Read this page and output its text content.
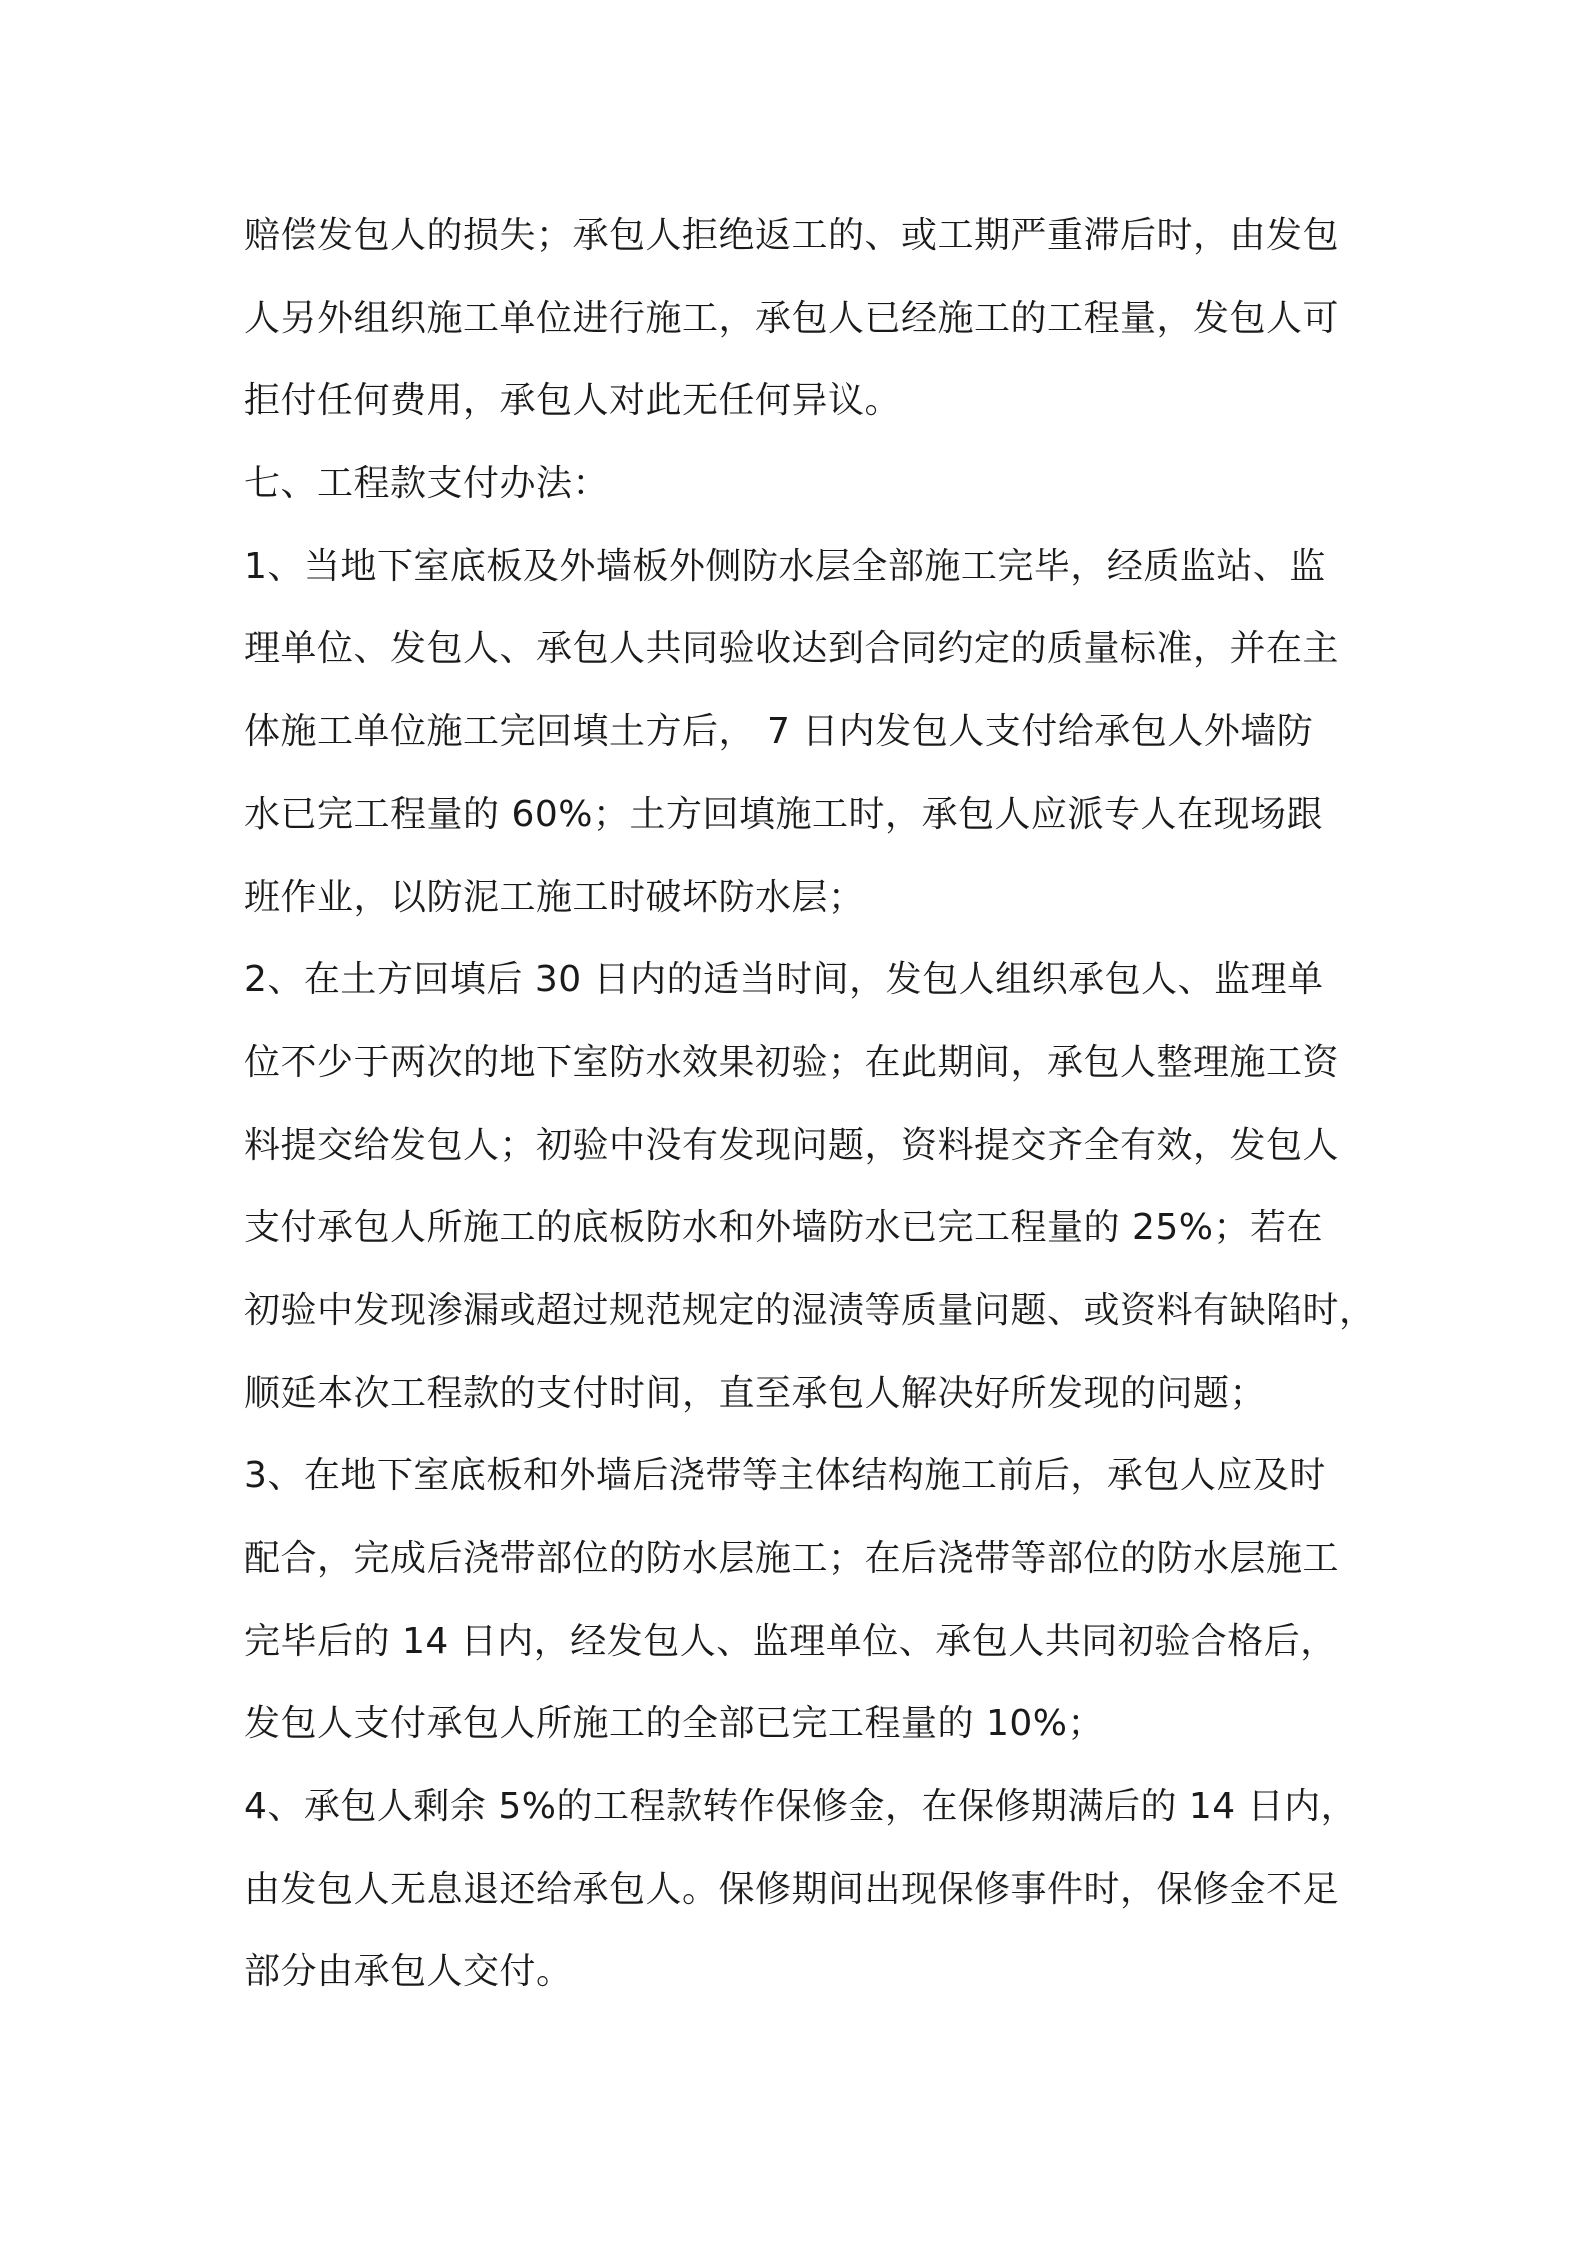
赔偿发包人的损失；承包人拒绝返工的、或工期严重滞后时，由发包
人另外组织施工单位进行施工，承包人已经施工的工程量，发包人可
拒付任何费用，承包人对此无任何异议。
七、工程款支付办法：
1、当地下室底板及外墙板外侧防水层全部施工完毕，经质监站、监
理单位、发包人、承包人共同验收达到合同约定的质量标准，并在主
体施工单位施工完回填土方后， 7 日内发包人支付给承包人外墙防
水已完工程量的 60%；土方回填施工时，承包人应派专人在现场跟
班作业，以防泥工施工时破坏防水层；
2、在土方回填后 30 日内的适当时间，发包人组织承包人、监理单
位不少于两次的地下室防水效果初验；在此期间，承包人整理施工资
料提交给发包人；初验中没有发现问题，资料提交齐全有效，发包人
支付承包人所施工的底板防水和外墙防水已完工程量的 25%；若在
初验中发现渗漏或超过规范规定的湿渍等质量问题、或资料有缺陷时，
顺延本次工程款的支付时间，直至承包人解决好所发现的问题；
3、在地下室底板和外墙后浇带等主体结构施工前后，承包人应及时
配合，完成后浇带部位的防水层施工；在后浇带等部位的防水层施工
完毕后的 14 日内，经发包人、监理单位、承包人共同初验合格后，
发包人支付承包人所施工的全部已完工程量的 10%；
4、承包人剩余 5%的工程款转作保修金，在保修期满后的 14 日内，
由发包人无息退还给承包人。保修期间出现保修事件时，保修金不足
部分由承包人交付。
